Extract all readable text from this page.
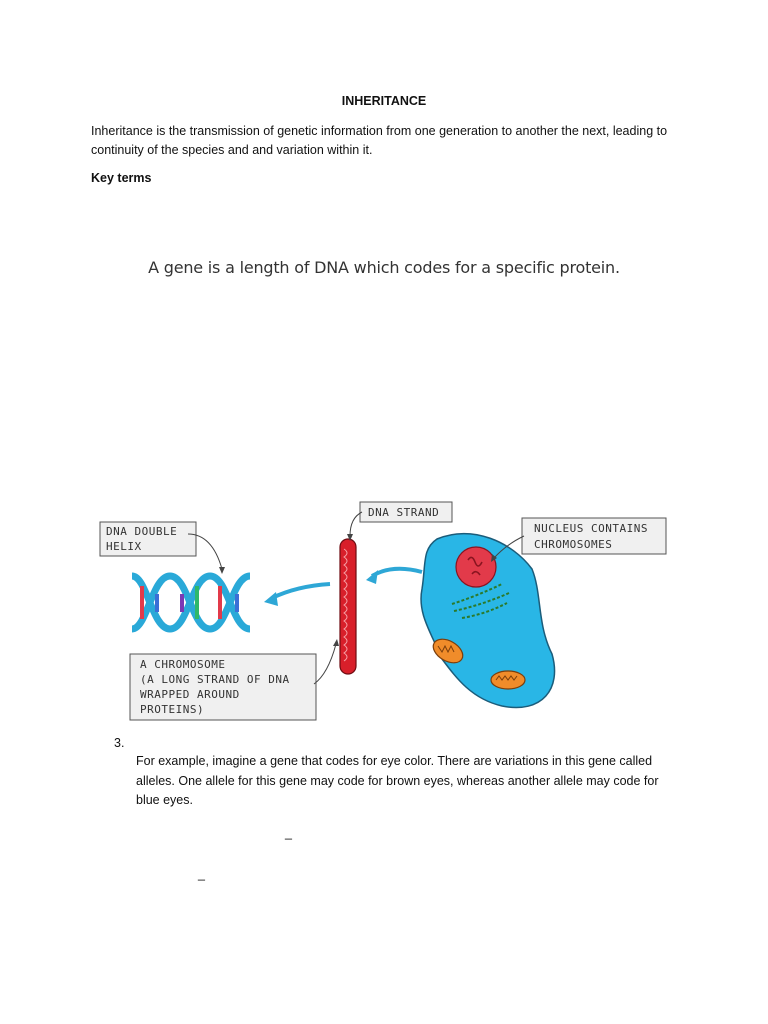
INHERITANCE
Inheritance is the transmission of genetic information from one generation to another the next, leading to continuity of the species and and variation within it.
Key terms
A gene is a length of DNA which codes for a specific protein.
DNA DOUBLE
HELIX
DNA STRAND
NUCLEUS CONTAINS
CHROMOSOMES
A CHROMOSOME
(A LONG STRAND OF DNA
WRAPPED AROUND
PROTEINS)
3.
For example, imagine a gene that codes for eye color. There are variations in this gene called alleles. One allele for this gene may code for brown eyes, whereas another allele may code for blue eyes.
_
_
